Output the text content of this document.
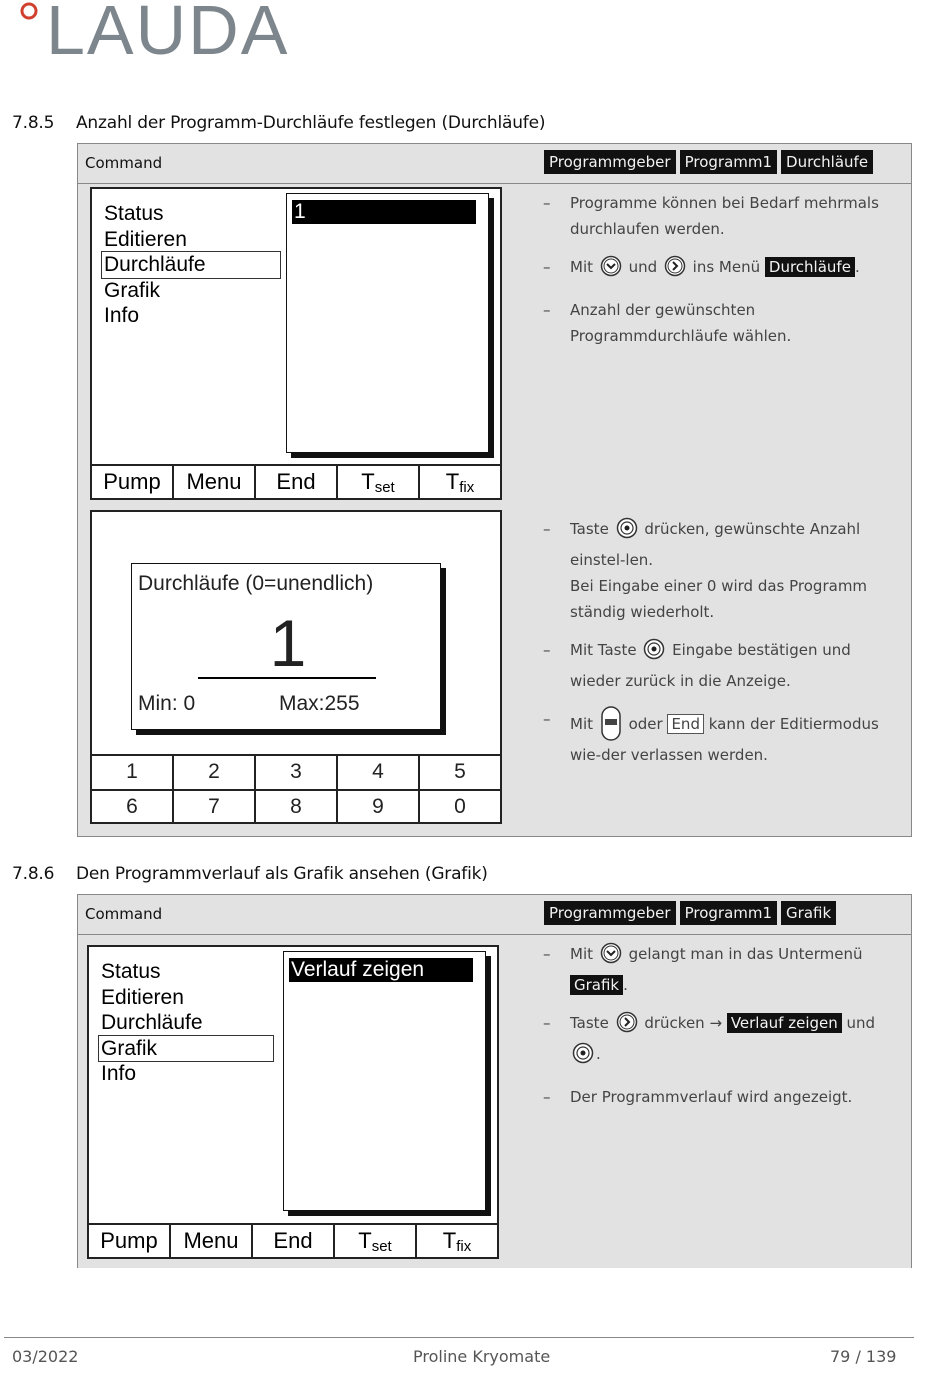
LAUDA
7.8.5 Anzahl der Programm-Durchläufe festlegen (Durchläufe)
Command	Programmgeber Programm1 Durchläufe
Status
Editieren
Durchläufe
Grafik
Info
1
Pump	Menu	End	$T_{set}$	$T_{fix}$
Durchläufe (0=unendlich)
1
Min: 0	Max:255
1	2	3	4	5
6	7	8	9	0
– Programme können bei Bedarf mehrmals durchlaufen werden.
– Mit und ins Menü Durchläufe .
– Anzahl der gewünschten Programmdurchläufe wählen.
– Taste drücken, gewünschte Anzahl einstel-len.
Bei Eingabe einer 0 wird das Programm ständig wiederholt.
– Mit Taste Eingabe bestätigen und wieder zurück in die Anzeige.
– Mit oder End kann der Editiermodus wie-der verlassen werden.
7.8.6 Den Programmverlauf als Grafik ansehen (Grafik)
Command	Programmgeber Programm1 Grafik
Status
Editieren
Durchläufe
Grafik
Info
Verlauf zeigen
Pump	Menu	End	$T_{set}$	$T_{fix}$
– Mit gelangt man in das Untermenü Grafik .
– Taste drücken → Verlauf zeigen und .
– Der Programmverlauf wird angezeigt.
03/2022	Proline Kryomate	79 / 139
